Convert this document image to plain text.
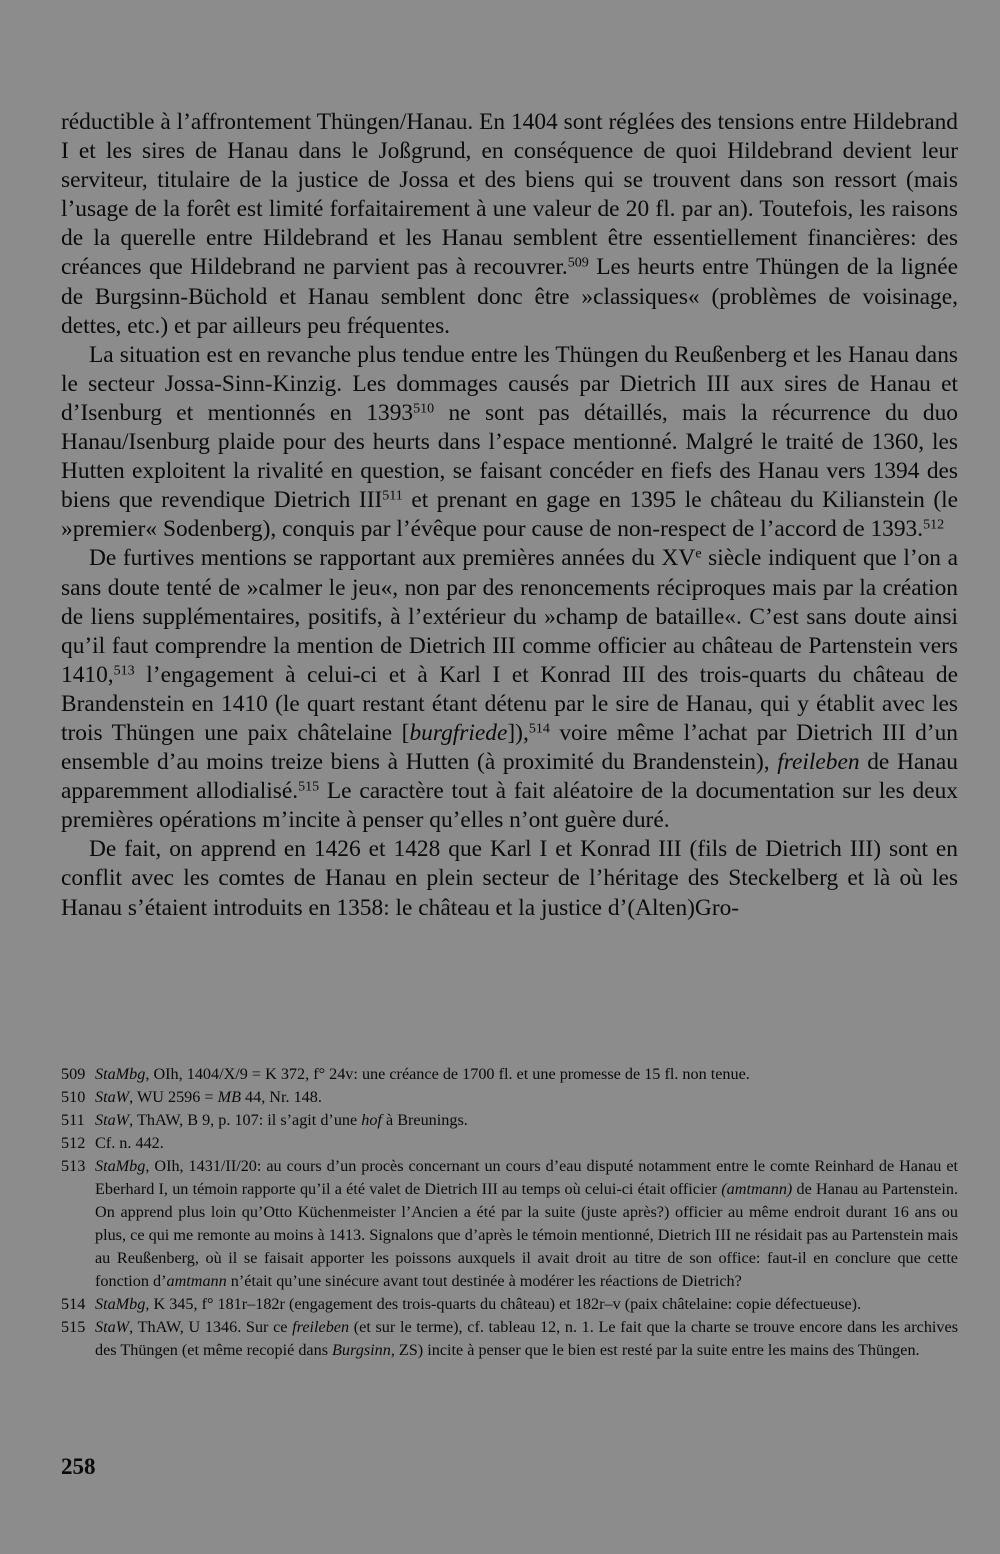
réductible à l’affrontement Thüngen/Hanau. En 1404 sont réglées des tensions entre Hildebrand I et les sires de Hanau dans le Joßgrund, en conséquence de quoi Hildebrand devient leur serviteur, titulaire de la justice de Jossa et des biens qui se trouvent dans son ressort (mais l’usage de la forêt est limité forfaitairement à une valeur de 20 fl. par an). Toutefois, les raisons de la querelle entre Hildebrand et les Hanau semblent être essentiellement financières: des créances que Hildebrand ne parvient pas à recouvrer.$^{509}$ Les heurts entre Thüngen de la lignée de Burgsinn-Büchold et Hanau semblent donc être »classiques« (problèmes de voisinage, dettes, etc.) et par ailleurs peu fréquentes.

La situation est en revanche plus tendue entre les Thüngen du Reußenberg et les Hanau dans le secteur Jossa-Sinn-Kinzig. Les dommages causés par Dietrich III aux sires de Hanau et d’Isenburg et mentionnés en 1393$^{510}$ ne sont pas détaillés, mais la récurrence du duo Hanau/Isenburg plaide pour des heurts dans l’espace mentionné. Malgré le traité de 1360, les Hutten exploitent la rivalité en question, se faisant concéder en fiefs des Hanau vers 1394 des biens que revendique Dietrich III$^{511}$ et prenant en gage en 1395 le château du Kilianstein (le »premier« Sodenberg), conquis par l’évêque pour cause de non-respect de l’accord de 1393.$^{512}$

De furtives mentions se rapportant aux premières années du XVe siècle indiquent que l’on a sans doute tenté de »calmer le jeu«, non par des renoncements réciproques mais par la création de liens supplémentaires, positifs, à l’extérieur du »champ de bataille«. C’est sans doute ainsi qu’il faut comprendre la mention de Dietrich III comme officier au château de Partenstein vers 1410,$^{513}$ l’engagement à celui-ci et à Karl I et Konrad III des trois-quarts du château de Brandenstein en 1410 (le quart restant étant détenu par le sire de Hanau, qui y établit avec les trois Thüngen une paix châtelaine [burgfriede]),$^{514}$ voire même l’achat par Dietrich III d’un ensemble d’au moins treize biens à Hutten (à proximité du Brandenstein), freileben de Hanau apparemment allodialisé.$^{515}$ Le caractère tout à fait aléatoire de la documentation sur les deux premières opérations m’incite à penser qu’elles n’ont guère duré.

De fait, on apprend en 1426 et 1428 que Karl I et Konrad III (fils de Dietrich III) sont en conflit avec les comtes de Hanau en plein secteur de l’héritage des Steckelberg et là où les Hanau s’étaient introduits en 1358: le château et la justice d’(Alten)Gro-

509 StaMbg, OIh, 1404/X/9 = K 372, f° 24v: une créance de 1700 fl. et une promesse de 15 fl. non tenue.
510 StaW, WU 2596 = MB 44, Nr. 148.
511 StaW, ThAW, B 9, p. 107: il s’agit d’une hof à Breunings.
512 Cf. n. 442.
513 StaMbg, OIh, 1431/II/20: au cours d’un procès concernant un cours d’eau disputé notamment entre le comte Reinhard de Hanau et Eberhard I, un témoin rapporte qu’il a été valet de Dietrich III au temps où celui-ci était officier (amtmann) de Hanau au Partenstein. On apprend plus loin qu’Otto Küchenmeister l’Ancien a été par la suite (juste après?) officier au même endroit durant 16 ans ou plus, ce qui me remonte au moins à 1413. Signalons que d’après le témoin mentionné, Dietrich III ne résidait pas au Partenstein mais au Reußenberg, où il se faisait apporter les poissons auxquels il avait droit au titre de son office: faut-il en conclure que cette fonction d’amtmann n’était qu’une sinécure avant tout destinée à modérer les réactions de Dietrich?
514 StaMbg, K 345, f° 181r–182r (engagement des trois-quarts du château) et 182r–v (paix châtelaine: copie défectueuse).
515 StaW, ThAW, U 1346. Sur ce freileben (et sur le terme), cf. tableau 12, n. 1. Le fait que la charte se trouve encore dans les archives des Thüngen (et même recopié dans Burgsinn, ZS) incite à penser que le bien est resté par la suite entre les mains des Thüngen.
258
